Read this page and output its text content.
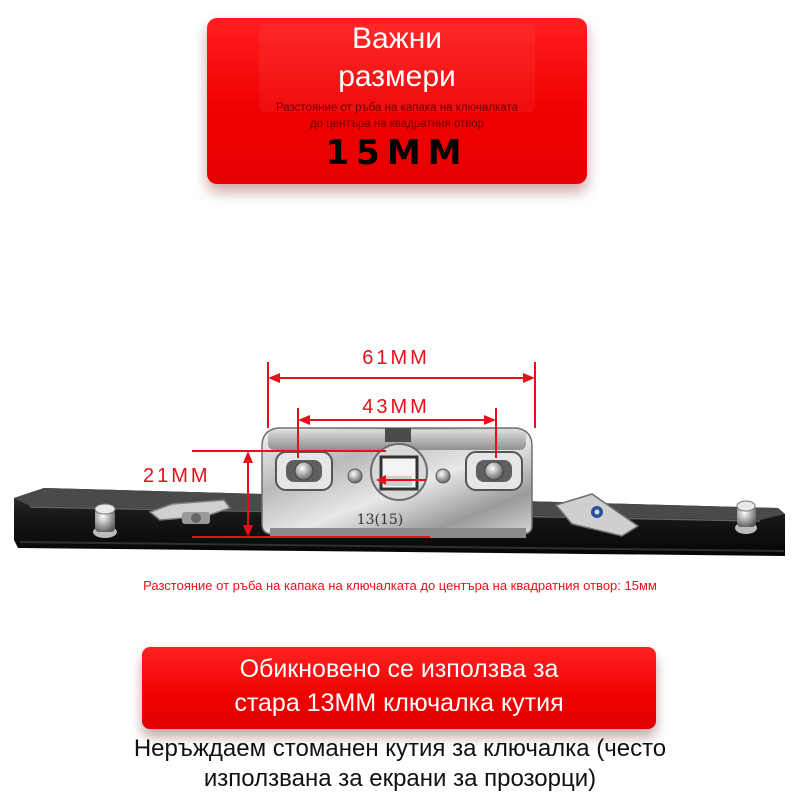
Важни
размери
Разстояние от ръба на капака на ключалката
до центъра на квадратния отвор
15MM
13(15)
61MM
43MM
21MM
Разстояние от ръба на капака на ключалката до центъра на квадратния отвор: 15мм
Обикновено се използва за
стара 13MM ключалка кутия
Неръждаем стоманен кутия за ключалка (често
използвана за екрани за прозорци)
